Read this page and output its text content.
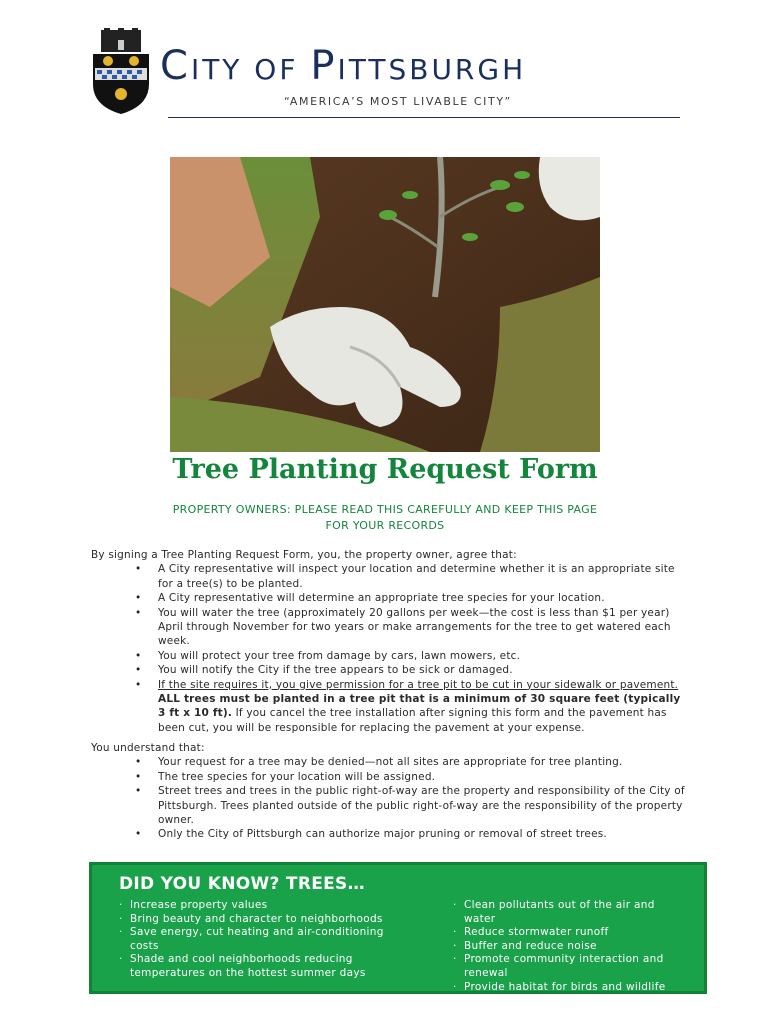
CITY OF PITTSBURGH
“AMERICA’S MOST LIVABLE CITY”
Tree Planting Request Form
PROPERTY OWNERS: PLEASE READ THIS CAREFULLY AND KEEP THIS PAGE
FOR YOUR RECORDS
By signing a Tree Planting Request Form, you, the property owner, agree that:
• A City representative will inspect your location and determine whether it is an appropriate site for a tree(s) to be planted.
• A City representative will determine an appropriate tree species for your location.
• You will water the tree (approximately 20 gallons per week—the cost is less than $1 per year) April through November for two years or make arrangements for the tree to get watered each week.
• You will protect your tree from damage by cars, lawn mowers, etc.
• You will notify the City if the tree appears to be sick or damaged.
• If the site requires it, you give permission for a tree pit to be cut in your sidewalk or pavement. ALL trees must be planted in a tree pit that is a minimum of 30 square feet (typically 3 ft x 10 ft). If you cancel the tree installation after signing this form and the pavement has been cut, you will be responsible for replacing the pavement at your expense.
You understand that:
• Your request for a tree may be denied—not all sites are appropriate for tree planting.
• The tree species for your location will be assigned.
• Street trees and trees in the public right-of-way are the property and responsibility of the City of Pittsburgh. Trees planted outside of the public right-of-way are the responsibility of the property owner.
• Only the City of Pittsburgh can authorize major pruning or removal of street trees.
DID YOU KNOW? TREES…
· Increase property values
· Bring beauty and character to neighborhoods
· Save energy, cut heating and air-conditioning costs
· Shade and cool neighborhoods reducing temperatures on the hottest summer days
· Clean pollutants out of the air and water
· Reduce stormwater runoff
· Buffer and reduce noise
· Promote community interaction and renewal
· Provide habitat for birds and wildlife
